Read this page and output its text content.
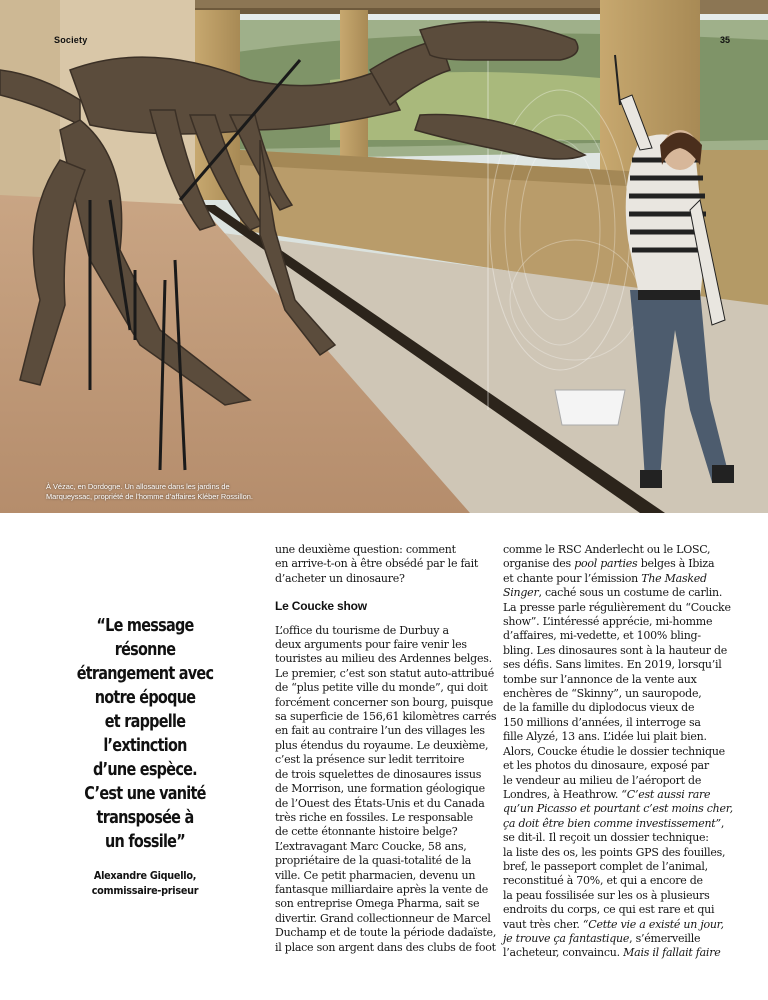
Society	35
À Vézac, en Dordogne. Un allosaure dans les jardins de
Marqueyssac, propriété de l’homme d’affaires Kléber Rossillon.
“Le message
résonne
étrangement avec
notre époque
et rappelle
l’extinction
d’une espèce.
C’est une vanité
transposée à
un fossile”
Alexandre Giquello,
commissaire-priseur

une deuxième question: comment
en arrive-t-on à être obsédé par le fait
d’acheter un dinosaure?

Le Coucke show

L’office du tourisme de Durbuy a
deux arguments pour faire venir les
touristes au milieu des Ardennes belges.
Le premier, c’est son statut auto-attribué
de “plus petite ville du monde”, qui doit
forcément concerner son bourg, puisque
sa superficie de 156,61 kilomètres carrés
en fait au contraire l’un des villages les
plus étendus du royaume. Le deuxième,
c’est la présence sur ledit territoire
de trois squelettes de dinosaures issus
de Morrison, une formation géologique
de l’Ouest des États-Unis et du Canada
très riche en fossiles. Le responsable
de cette étonnante histoire belge?
L’extravagant Marc Coucke, 58 ans,
propriétaire de la quasi-totalité de la
ville. Ce petit pharmacien, devenu un
fantasque milliardaire après la vente de
son entreprise Omega Pharma, sait se
divertir. Grand collectionneur de Marcel
Duchamp et de toute la période dadaïste,
il place son argent dans des clubs de foot

comme le RSC Anderlecht ou le LOSC,
organise des pool parties belges à Ibiza
et chante pour l’émission The Masked
Singer, caché sous un costume de carlin.
La presse parle régulièrement du “Coucke
show”. L’intéressé apprécie, mi-homme
d’affaires, mi-vedette, et 100% bling-
bling. Les dinosaures sont à la hauteur de
ses défis. Sans limites. En 2019, lorsqu’il
tombe sur l’annonce de la vente aux
enchères de “Skinny”, un sauropode,
de la famille du diplodocus vieux de
150 millions d’années, il interroge sa
fille Alyzé, 13 ans. L’idée lui plait bien.
Alors, Coucke étudie le dossier technique
et les photos du dinosaure, exposé par
le vendeur au milieu de l’aéroport de
Londres, à Heathrow. “C’est aussi rare
qu’un Picasso et pourtant c’est moins cher,
ça doit être bien comme investissement”,
se dit-il. Il reçoit un dossier technique:
la liste des os, les points GPS des fouilles,
bref, le passeport complet de l’animal,
reconstitué à 70%, et qui a encore de
la peau fossilisée sur les os à plusieurs
endroits du corps, ce qui est rare et qui
vaut très cher. “Cette vie a existé un jour,
je trouve ça fantastique, s’émerveille
l’acheteur, convaincu. Mais il fallait faire
